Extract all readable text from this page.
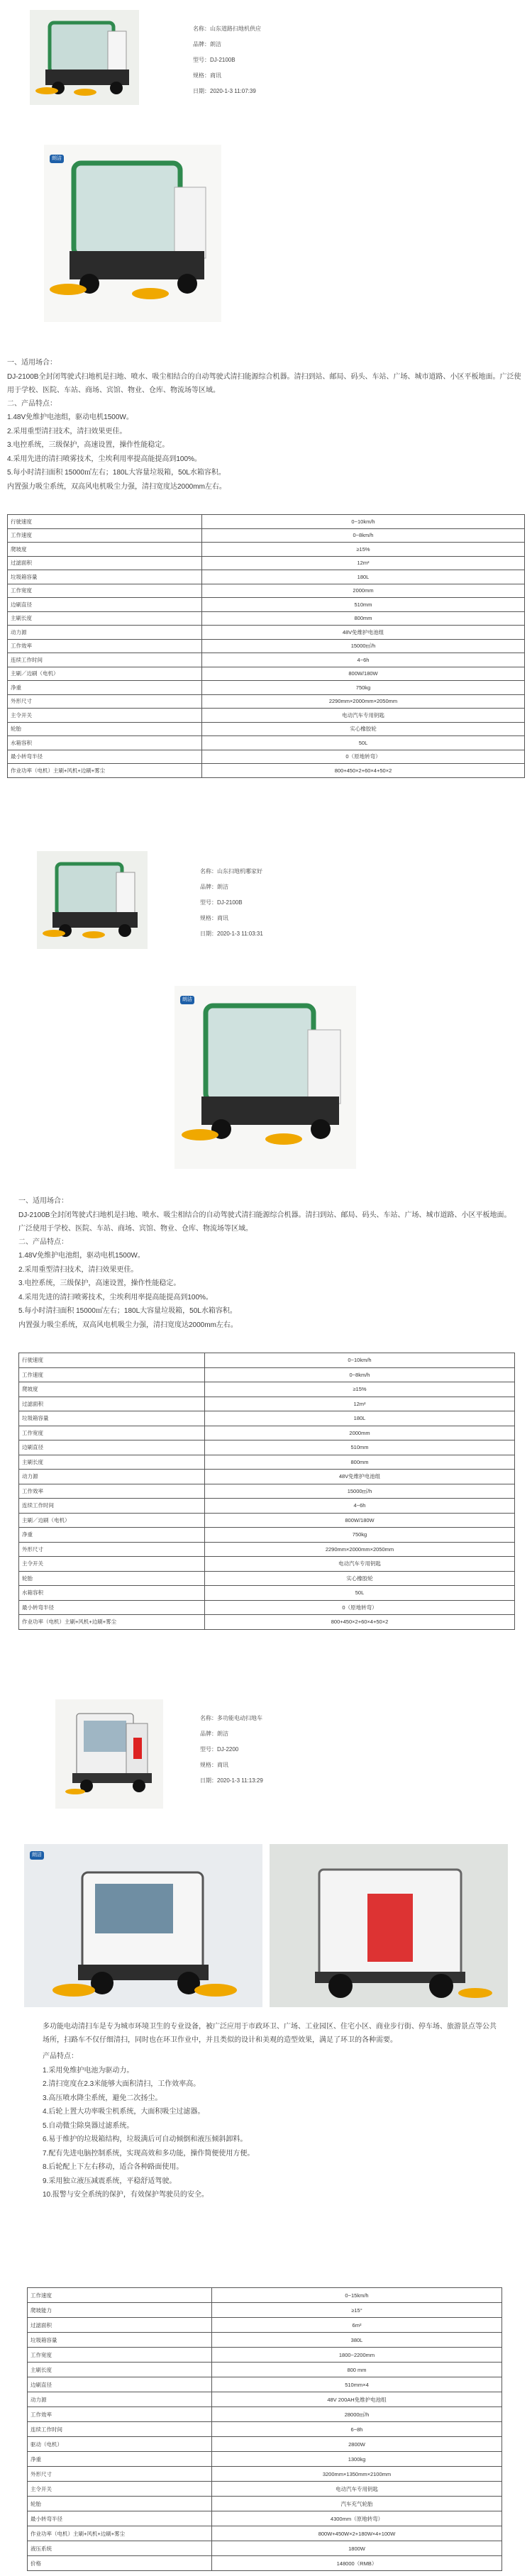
名称：山东道路扫地机供应
品牌：朗洁
型号：DJ-2100B
规格：商讯
日期：2020-1-3 11:07:39
朗洁
一、适用场合：
DJ-2100B全封闭驾驶式扫地机是扫地、喷水、吸尘相结合的自动驾驶式清扫能源综合机器。清扫到站、邮局、码头、车站、广场、城市道路、小区平板地面。广泛使用于学校、医院、车站、商场、宾馆、物业、仓库、物流场等区域。
二、产品特点：
1.48V免维护电池组，驱动电机1500W。
2.采用重型清扫技术，清扫效果更佳。
3.电控系统，三级保护，高速设置，操作性能稳定。
4.采用先进的清扫喷雾技术，尘埃利用率提高能提高到100%。
5.每小时清扫面积 15000㎡左右；180L大容量垃圾箱，50L水箱容积。
内置强力吸尘系统，双高风电机吸尘力强，清扫宽度达2000mm左右。
行驶速度	0~10km/h
工作速度	0~8km/h
爬坡度	≥15%
过滤面积	12m²
垃圾箱容量	180L
工作宽度	2000mm
边刷直径	510mm
主刷长度	800mm
动力源	48V免维护电池组
工作效率	15000㎡/h
连续工作时间	4~6h
主刷／边刷（电机）	800W/180W
净重	750kg
外形尺寸	2290mm×2000mm×2050mm
主令开关	电动汽车专用钥匙
轮胎	实心橡胶轮
水箱容积	50L
最小转弯半径	0（原地转弯）
作业功率（电机）主刷+风机+边刷+雾尘	800+450×2+60×4+50×2
名称：山东扫地机哪家好
品牌：朗洁
型号：DJ-2100B
规格：商讯
日期：2020-1-3 11:03:31
朗洁
一、适用场合：
DJ-2100B全封闭驾驶式扫地机是扫地、喷水、吸尘相结合的自动驾驶式清扫能源综合机器。清扫到站、邮局、码头、车站、广场、城市道路、小区平板地面。广泛使用于学校、医院、车站、商场、宾馆、物业、仓库、物流场等区域。
二、产品特点：
1.48V免维护电池组，驱动电机1500W。
2.采用重型清扫技术，清扫效果更佳。
3.电控系统，三级保护，高速设置，操作性能稳定。
4.采用先进的清扫喷雾技术，尘埃利用率提高能提高到100%。
5.每小时清扫面积 15000㎡左右；180L大容量垃圾箱，50L水箱容积。
内置强力吸尘系统，双高风电机吸尘力强，清扫宽度达2000mm左右。
行驶速度	0~10km/h
工作速度	0~8km/h
爬坡度	≥15%
过滤面积	12m²
垃圾箱容量	180L
工作宽度	2000mm
边刷直径	510mm
主刷长度	800mm
动力源	48V免维护电池组
工作效率	15000㎡/h
连续工作时间	4~6h
主刷／边刷（电机）	800W/180W
净重	750kg
外形尺寸	2290mm×2000mm×2050mm
主令开关	电动汽车专用钥匙
轮胎	实心橡胶轮
水箱容积	50L
最小转弯半径	0（原地转弯）
作业功率（电机）主刷+风机+边刷+雾尘	800+450×2+60×4+50×2
名称：多功能电动扫地车
品牌：朗洁
型号：DJ-2200
规格：商讯
日期：2020-1-3 11:13:29
朗洁
多功能电动清扫车是专为城市环境卫生的专业设备，被广泛应用于市政环卫、广场、工业园区、住宅小区、商业步行街、停车场、旅游景点等公共场所，扫路车不仅仔细清扫，同时也在环卫作业中，并且类似的设计和美观的造型效果，满足了环卫的各种需要。
产品特点：
1.采用免维护电池为驱动力。
2.清扫宽度在2.3米能够大面积清扫，工作效率高。
3.高压喷水降尘系统，避免二次扬尘。
4.后轮上置大功率吸尘机系统，大面积吸尘过滤器。
5.自动微尘除臭器过滤系统。
6.易于维护的垃圾箱结构，垃圾满后可自动倾倒和液压倾斜卸料。
7.配有先进电脑控制系统，实现高效和多功能，操作简便使用方便。
8.后轮配上下左右移动，适合各种路面使用。
9.采用独立液压减震系统，平稳舒适驾驶。
10.报警与安全系统的保护，有效保护驾驶员的安全。
工作速度	0~15km/h
爬坡能力	≥15°
过滤面积	6m²
垃圾箱容量	380L
工作宽度	1800~2200mm
主刷长度	800 mm
边刷直径	510mm×4
动力源	48V 200AH免维护电池组
工作效率	28000㎡/h
连续工作时间	6~8h
驱动（电机）	2800W
净重	1300kg
外形尺寸	3200mm×1350mm×2100mm
主令开关	电动汽车专用钥匙
轮胎	汽车充气轮胎
最小转弯半径	4300mm（原地转弯）
作业功率（电机）主刷+风机+边刷+雾尘	800W+450W×2+180W×4+100W
液压系统	1800W
价格	148000（RMB）
